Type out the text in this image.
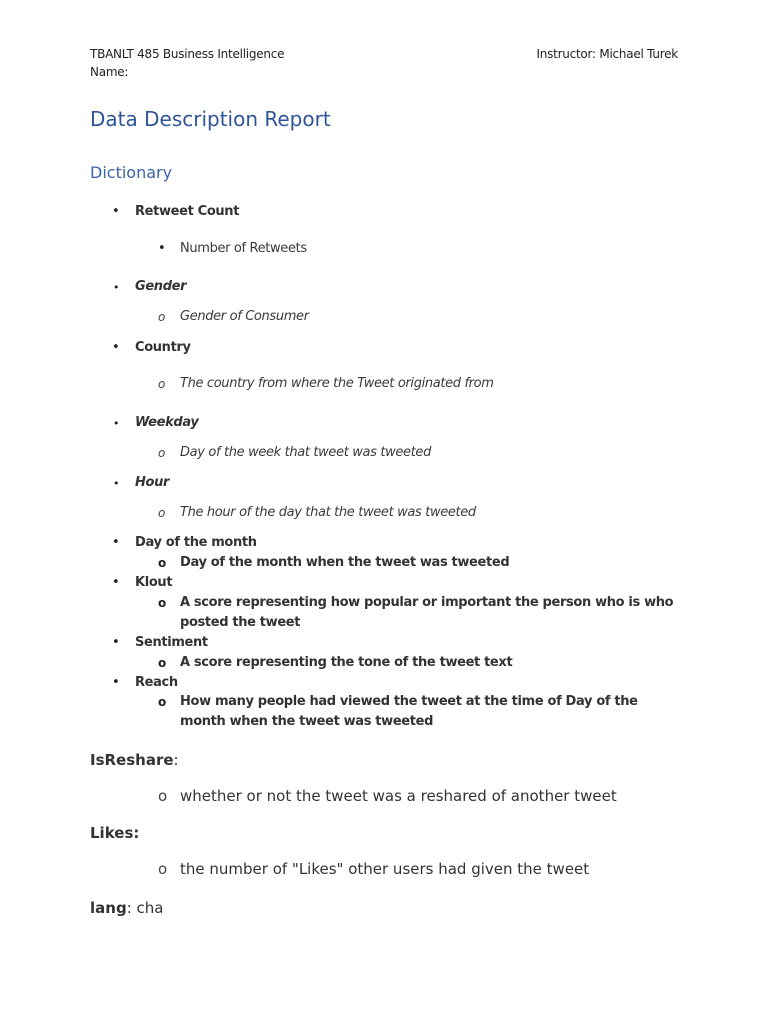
TBANLT 485 Business Intelligence	Instructor: Michael Turek
Name:
Data Description Report
Dictionary
• Retweet Count
• Number of Retweets
• Gender
o Gender of Consumer
• Country
o The country from where the Tweet originated from
• Weekday
o Day of the week that tweet was tweeted
• Hour
o The hour of the day that the tweet was tweeted
• Day of the month
o Day of the month when the tweet was tweeted
• Klout
o A score representing how popular or important the person who is who posted the tweet
• Sentiment
o A score representing the tone of the tweet text
• Reach
o How many people had viewed the tweet at the time of Day of the month when the tweet was tweeted
IsReshare:
o whether or not the tweet was a reshared of another tweet
Likes:
o the number of "Likes" other users had given the tweet
lang: cha
